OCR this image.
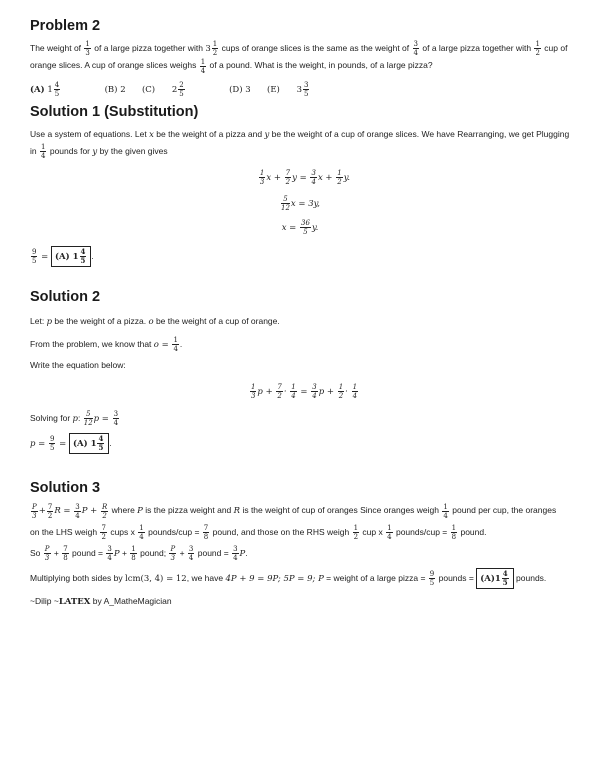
Problem 2

The weight of $\frac{1}{3}$ of a large pizza together with $3 \frac{1}{2}$ cups of orange slices is the same as the weight of $\frac{3}{4}$ of a large pizza together with $\frac{1}{2}$ cup of
orange slices. A cup of orange slices weighs $\frac{1}{4}$ of a pound. What is the weight, in pounds, of a large pizza?

(A) $1 \frac{4}{5}$	(B) 2 (C) $2 \frac{2}{5}$	(D) 3 (E) $3 \frac{3}{5}$

Solution 1 (Substitution)

Use a system of equations. Let x be the weight of a pizza and y be the weight of a cup of orange slices. We have Rearranging, we get Plugging
in $\frac{1}{4}$ pounds for y by the given gives

$\frac{1}{3}$ $x + \frac{7}{2}$ $y = \frac{3}{4}$ $x + \frac{1}{2} y$.
$\frac{5}{12}$ x = 3y,
$x = \frac{36}{5} y$.

$\frac{9}{5} = (A)$ $1 \frac{4}{5}$ .

Solution 2

Let: p be the weight of a pizza. o be the weight of a cup of orange.

From the problem, we know that $o = \frac{1}{4}$ .

Write the equation below:

$\frac{1}{3}$ $p + \frac{7}{2} \cdot \frac{1}{4} = \frac{3}{4}$ $p + \frac{1}{2} \cdot \frac{1}{4}$

Solving for p: $\frac{5}{12}$ $p = \frac{3}{4}$

$p = \frac{9}{5} = (A)$ $1 \frac{4}{5}$ .

Solution 3

$\frac{P}{3} + \frac{7}{2}$ $R = \frac{3}{4}$ $P + \frac{R}{2}$ where P is the pizza weight and R is the weight of cup of oranges Since oranges weigh $\frac{1}{4}$ pound per cup, the oranges

on the LHS weigh $\frac{7}{2}$ cups x $\frac{1}{4}$ pounds/cup = $\frac{7}{8}$ pound, and those on the RHS weigh $\frac{1}{2}$ cup x $\frac{1}{4}$ pounds/cup = $\frac{1}{8}$ pound.

So $\frac{P}{3} + \frac{7}{8}$ pound = $\frac{3}{4}$ $P + \frac{1}{8}$ pound; $\frac{P}{3} + \frac{3}{4}$ pound = $\frac{3}{4} P$.

Multiplying both sides by lcm(3, 4) = 12, we have 4P + 9 = 9P; 5P = 9; P = weight of a large pizza = $\frac{9}{5}$ pounds = $(A)1 \frac{4}{5}$ pounds.

~Dilip ~LATEX by A_MatheMagician
